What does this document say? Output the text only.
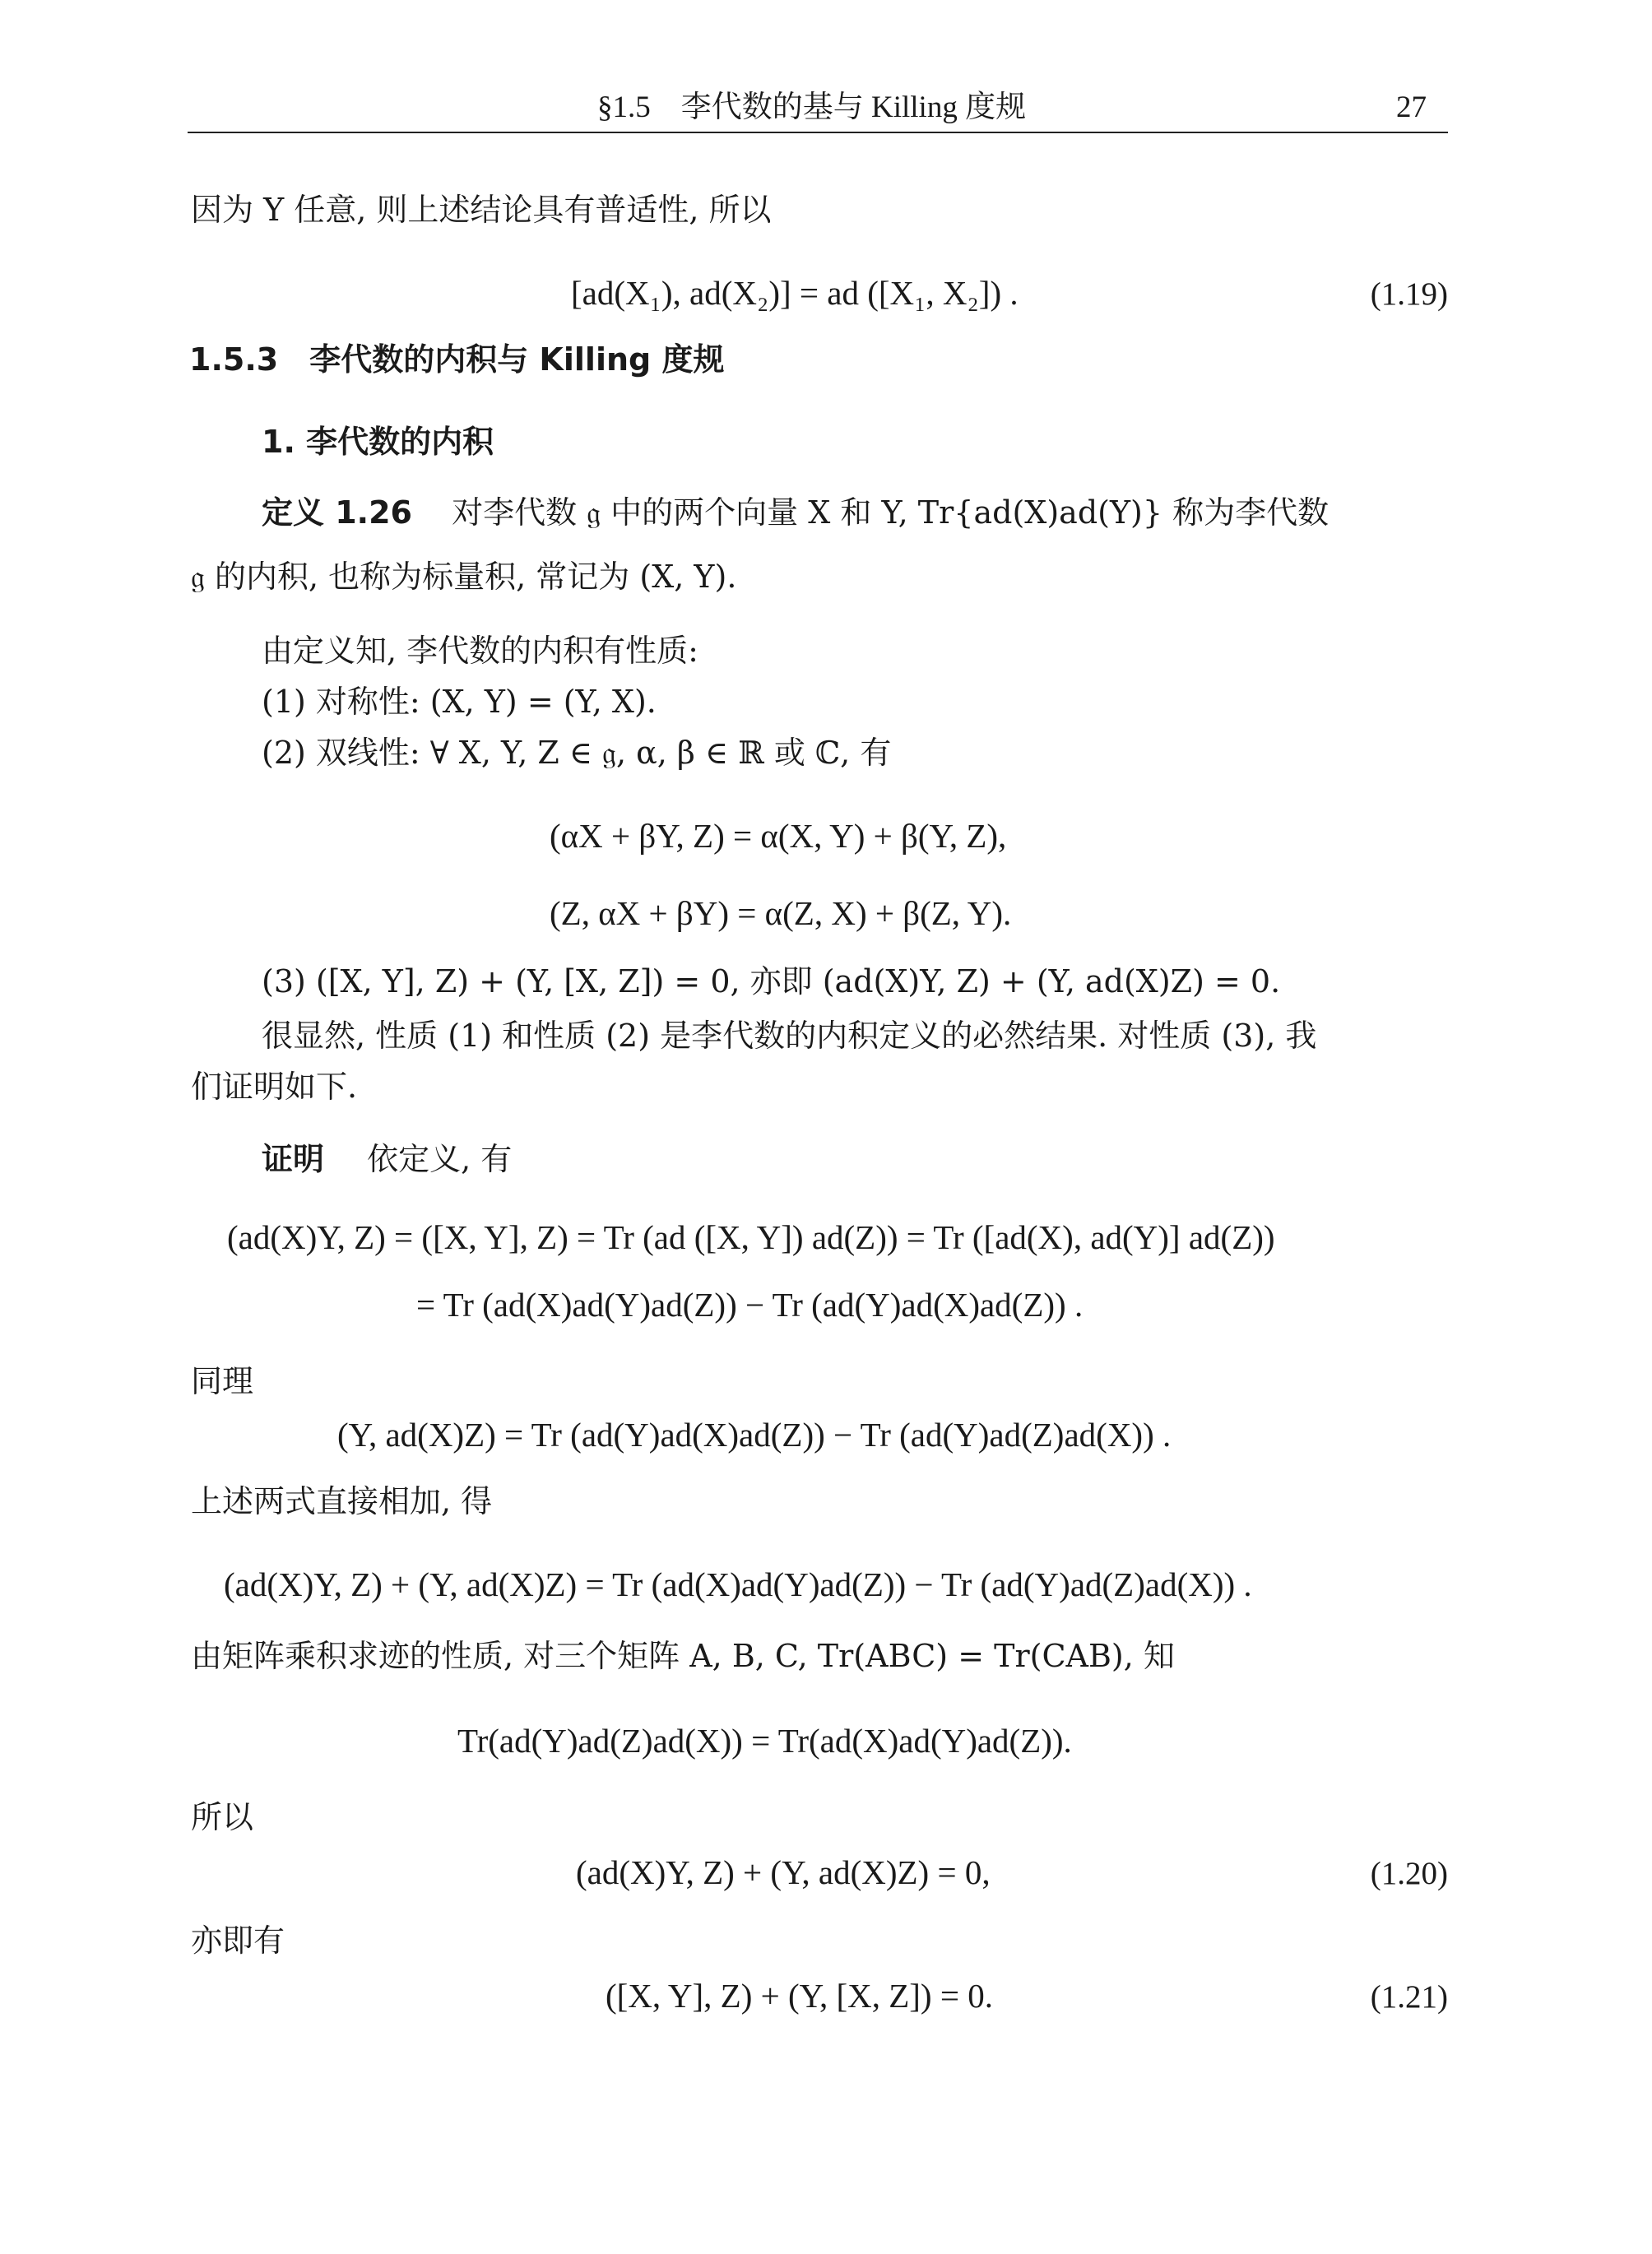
§1.5　李代数的基与 Killing 度规	27
因为 Y 任意, 则上述结论具有普适性, 所以
[ad(X₁), ad(X₂)] = ad ([X₁, X₂]) .	(1.19)
1.5.3　李代数的内积与 Killing 度规
1. 李代数的内积
定义 1.26 对李代数 𝔤 中的两个向量 X 和 Y, Tr{ad(X)ad(Y)} 称为李代数
𝔤 的内积, 也称为标量积, 常记为 (X, Y).
由定义知, 李代数的内积有性质:
(1) 对称性: (X, Y) = (Y, X).
(2) 双线性: ∀ X, Y, Z ∈ 𝔤, α, β ∈ ℝ 或 ℂ, 有
(αX + βY, Z) = α(X, Y) + β(Y, Z),
(Z, αX + βY) = α(Z, X) + β(Z, Y).
(3) ([X, Y], Z) + (Y, [X, Z]) = 0, 亦即 (ad(X)Y, Z) + (Y, ad(X)Z) = 0.
很显然, 性质 (1) 和性质 (2) 是李代数的内积定义的必然结果. 对性质 (3), 我
们证明如下.
证明 依定义, 有
(ad(X)Y, Z) = ([X, Y], Z) = Tr (ad ([X, Y]) ad(Z)) = Tr ([ad(X), ad(Y)] ad(Z))
= Tr (ad(X)ad(Y)ad(Z)) − Tr (ad(Y)ad(X)ad(Z)) .
同理
(Y, ad(X)Z) = Tr (ad(Y)ad(X)ad(Z)) − Tr (ad(Y)ad(Z)ad(X)) .
上述两式直接相加, 得
(ad(X)Y, Z) + (Y, ad(X)Z) = Tr (ad(X)ad(Y)ad(Z)) − Tr (ad(Y)ad(Z)ad(X)) .
由矩阵乘积求迹的性质, 对三个矩阵 A, B, C, Tr(ABC) = Tr(CAB), 知
Tr(ad(Y)ad(Z)ad(X)) = Tr(ad(X)ad(Y)ad(Z)).
所以
(ad(X)Y, Z) + (Y, ad(X)Z) = 0,	(1.20)
亦即有
([X, Y], Z) + (Y, [X, Z]) = 0.	(1.21)
